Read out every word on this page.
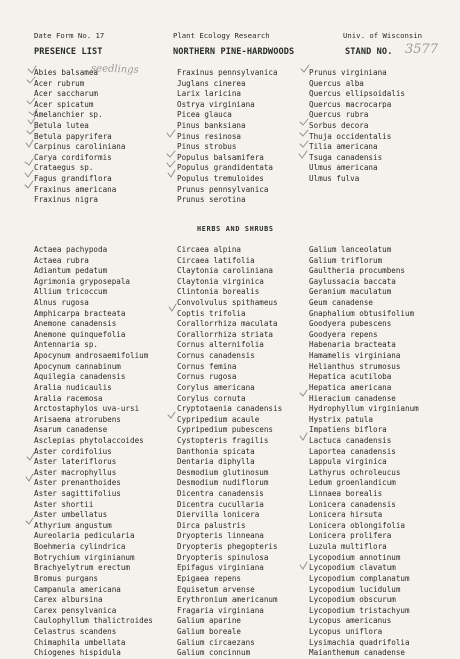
Date Form No. 17	Plant Ecology Research	Univ. of Wisconsin
PRESENCE LIST	NORTHERN PINE-HARDWOODS	STAND NO. 3577
seedlings
Abies balsamea
Acer rubrum
Acer saccharum
Acer spicatum
Amelanchier sp.
Betula lutea
Betula papyrifera
Carpinus caroliniana
Carya cordiformis
Crataegus sp.
Fagus grandiflora
Fraxinus americana
Fraxinus nigra
Fraxinus pennsylvanica
Juglans cinerea
Larix laricina
Ostrya virginiana
Picea glauca
Pinus banksiana
Pinus resinosa
Pinus strobus
Populus balsamifera
Populus grandidentata
Populus tremuloides
Prunus pennsylvanica
Prunus serotina
Prunus virginiana
Quercus alba
Quercus ellipsoidalis
Quercus macrocarpa
Quercus rubra
Sorbus decora
Thuja occidentalis
Tilia americana
Tsuga canadensis
Ulmus americana
Ulmus fulva
HERBS AND SHRUBS
Actaea pachypoda
Actaea rubra
Adiantum pedatum
Agrimonia gryposepala
Allium tricoccum
Alnus rugosa
Amphicarpa bracteata
Anemone canadensis
Anemone quinquefolia
Antennaria sp.
Apocynum androsaemifolium
Apocynum cannabinum
Aquilegia canadensis
Aralia nudicaulis
Aralia racemosa
Arctostaphylos uva-ursi
Arisaema atrorubens
Asarum canadense
Asclepias phytolaccoides
Aster cordifolius
Aster lateriflorus
Aster macrophyllus
Aster prenanthoides
Aster sagittifolius
Aster shortii
Aster umbellatus
Athyrium angustum
Aureolaria pedicularia
Boehmeria cylindrica
Botrychium virginianum
Brachyelytrum erectum
Bromus purgans
Campanula americana
Carex albursina
Carex pensylvanica
Caulophyllum thalictroides
Celastrus scandens
Chimaphila umbellata
Chiogenes hispidula
Circaea alpina
Circaea latifolia
Claytonia caroliniana
Claytonia virginica
Clintonia borealis
Convolvulus spithameus
Coptis trifolia
Corallorrhiza maculata
Corallorrhiza striata
Cornus alternifolia
Cornus canadensis
Cornus femina
Cornus rugosa
Corylus americana
Corylus cornuta
Cryptotaenia canadensis
Cypripedium acaule
Cypripedium pubescens
Cystopteris fragilis
Danthonia spicata
Dentaria diphylla
Desmodium glutinosum
Desmodium nudiflorum
Dicentra canadensis
Dicentra cucullaria
Diervilla lonicera
Dirca palustris
Dryopteris linneana
Dryopteris phegopteris
Dryopteris spinulosa
Epifagus virginiana
Epigaea repens
Equisetum arvense
Erythronium americanum
Fragaria virginiana
Galium aparine
Galium boreale
Galium circaezans
Galium concinnum
Galium lanceolatum
Galium triflorum
Gaultheria procumbens
Gaylussacia baccata
Geranium maculatum
Geum canadense
Gnaphalium obtusifolium
Goodyera pubescens
Goodyera repens
Habenaria bracteata
Hamamelis virginiana
Helianthus strumosus
Hepatica acutiloba
Hepatica americana
Hieracium canadense
Hydrophyllum virginianum
Hystrix patula
Impatiens biflora
Lactuca canadensis
Laportea canadensis
Lappula virginica
Lathyrus ochroleucus
Ledum groenlandicum
Linnaea borealis
Lonicera canadensis
Lonicera hirsuta
Lonicera oblongifolia
Lonicera prolifera
Luzula multiflora
Lycopodium annotinum
Lycopodium clavatum
Lycopodium complanatum
Lycopodium lucidulum
Lycopodium obscurum
Lycopodium tristachyum
Lycopus americanus
Lycopus uniflora
Lysimachia quadrifolia
Maianthemum canadense
